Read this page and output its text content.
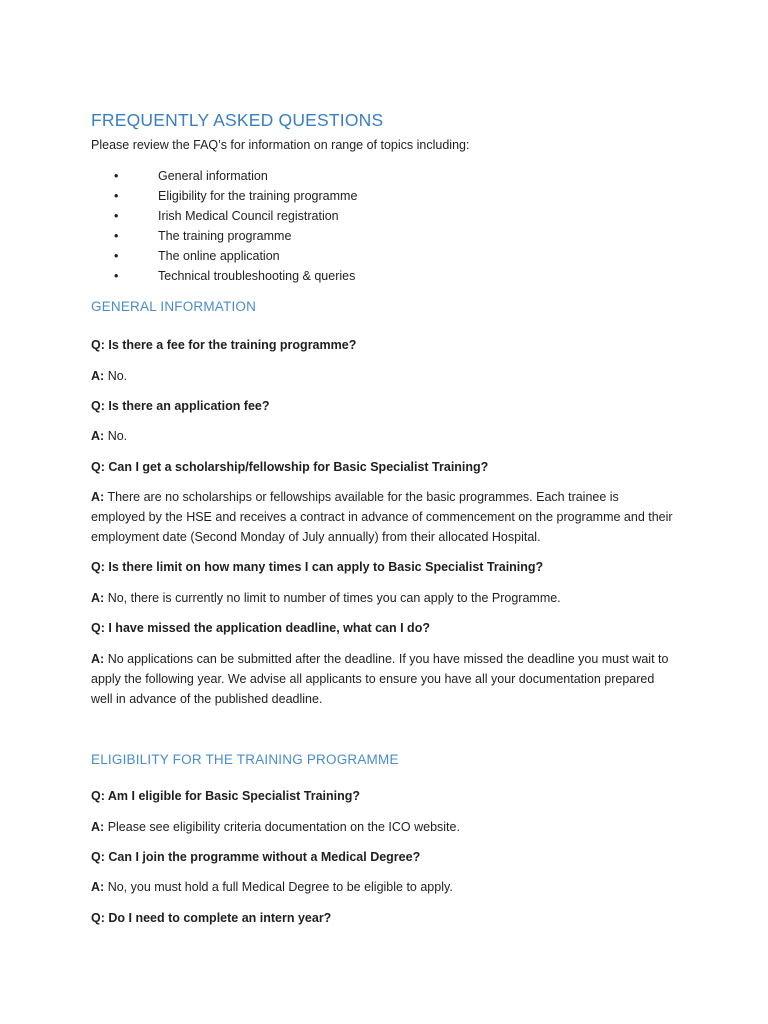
FREQUENTLY ASKED QUESTIONS
Please review the FAQ’s for information on range of topics including:
•	General information
•	Eligibility for the training programme
•	Irish Medical Council registration
•	The training programme
•	The online application
•	Technical troubleshooting & queries
GENERAL INFORMATION
Q: Is there a fee for the training programme?
A: No.
Q: Is there an application fee?
A: No.
Q: Can I get a scholarship/fellowship for Basic Specialist Training?
A: There are no scholarships or fellowships available for the basic programmes. Each trainee is employed by the HSE and receives a contract in advance of commencement on the programme and their employment date (Second Monday of July annually) from their allocated Hospital.
Q: Is there limit on how many times I can apply to Basic Specialist Training?
A: No, there is currently no limit to number of times you can apply to the Programme.
Q: I have missed the application deadline, what can I do?
A: No applications can be submitted after the deadline. If you have missed the deadline you must wait to apply the following year. We advise all applicants to ensure you have all your documentation prepared well in advance of the published deadline.
ELIGIBILITY FOR THE TRAINING PROGRAMME
Q: Am I eligible for Basic Specialist Training?
A: Please see eligibility criteria documentation on the ICO website.
Q: Can I join the programme without a Medical Degree?
A: No, you must hold a full Medical Degree to be eligible to apply.
Q: Do I need to complete an intern year?
